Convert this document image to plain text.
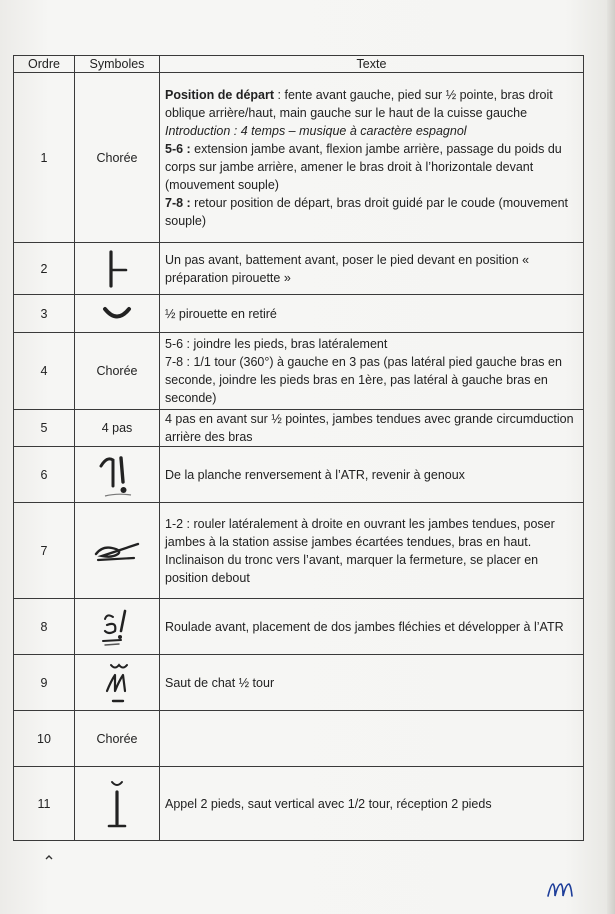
Ordre	Symboles	Texte
1	Chorée	Position de départ : fente avant gauche, pied sur ½ pointe, bras droit oblique arrière/haut, main gauche sur le haut de la cuisse gauche
Introduction : 4 temps – musique à caractère espagnol
5-6 : extension jambe avant, flexion jambe arrière, passage du poids du corps sur jambe arrière, amener le bras droit à l’horizontale devant (mouvement souple)
7-8 : retour position de départ, bras droit guidé par le coude (mouvement souple)

2		Un pas avant, battement avant, poser le pied devant en position « préparation pirouette »
3		½ pirouette en retiré
4	Chorée	5-6 : joindre les pieds, bras latéralement
7-8 : 1/1 tour (360°) à gauche en 3 pas (pas latéral pied gauche bras en seconde, joindre les pieds bras en 1ère, pas latéral à gauche bras en seconde)

5	4 pas	4 pas en avant sur ½ pointes, jambes tendues avec grande circumduction arrière des bras
6		De la planche renversement à l’ATR, revenir à genoux
7		1-2 : rouler latéralement à droite en ouvrant les jambes tendues, poser jambes à la station assise jambes écartées tendues, bras en haut.
Inclinaison du tronc vers l’avant, marquer la fermeture, se placer en position debout

8		Roulade avant, placement de dos jambes fléchies et développer à l’ATR
9		Saut de chat ½ tour
10	Chorée	
11		Appel 2 pieds, saut vertical avec 1/2 tour, réception 2 pieds
